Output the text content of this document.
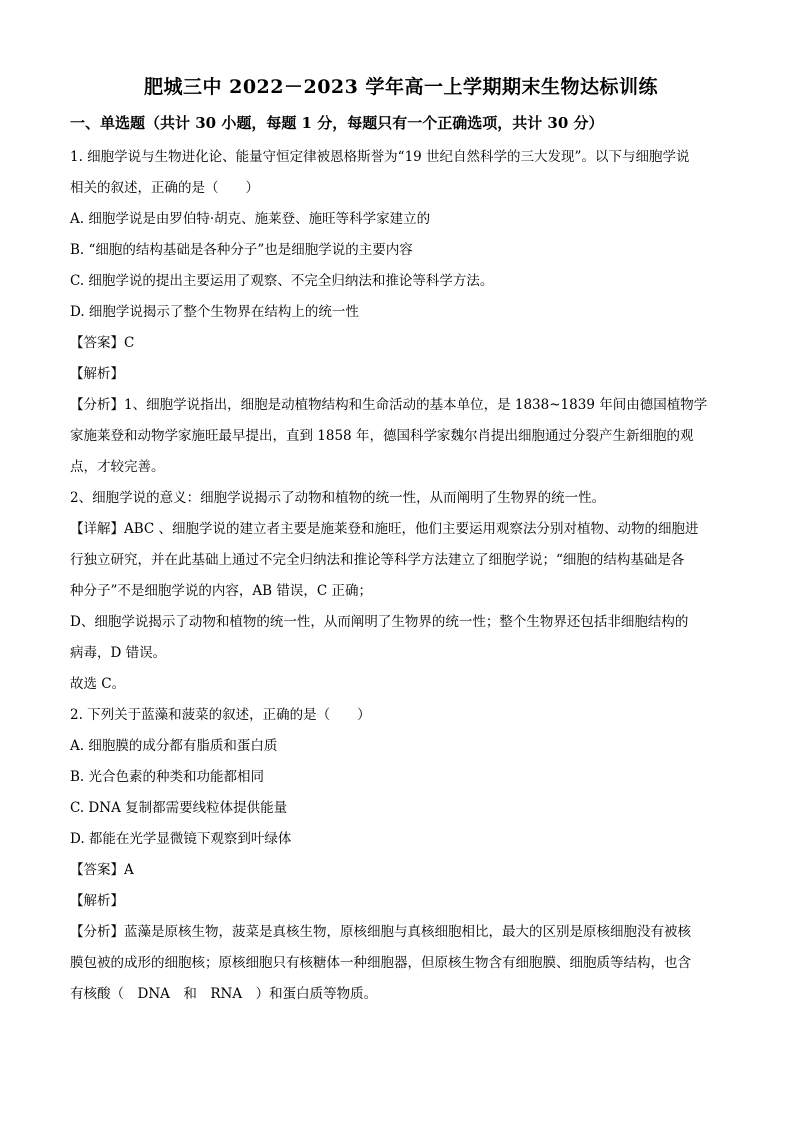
肥城三中 2022－2023 学年高一上学期期末生物达标训练
一、单选题（共计 30 小题，每题 1 分，每题只有一个正确选项，共计 30 分）

1. 细胞学说与生物进化论、能量守恒定律被恩格斯誉为“19 世纪自然科学的三大发现”。以下与细胞学说

相关的叙述，正确的是（　　）

A. 细胞学说是由罗伯特·胡克、施莱登、施旺等科学家建立的

B. “细胞的结构基础是各种分子”也是细胞学说的主要内容

C. 细胞学说的提出主要运用了观察、不完全归纳法和推论等科学方法。

D. 细胞学说揭示了整个生物界在结构上的统一性

【答案】C

【解析】

【分析】1、细胞学说指出，细胞是动植物结构和生命活动的基本单位，是 1838~1839 年间由德国植物学

家施莱登和动物学家施旺最早提出，直到 1858 年，德国科学家魏尔肖提出细胞通过分裂产生新细胞的观

点，才较完善。

2、细胞学说的意义：细胞学说揭示了动物和植物的统一性，从而阐明了生物界的统一性。

【详解】ABC 、细胞学说的建立者主要是施莱登和施旺，他们主要运用观察法分别对植物、动物的细胞进

行独立研究，并在此基础上通过不完全归纳法和推论等科学方法建立了细胞学说；“细胞的结构基础是各

种分子”不是细胞学说的内容，AB 错误，C 正确；

D、细胞学说揭示了动物和植物的统一性，从而阐明了生物界的统一性；整个生物界还包括非细胞结构的

病毒，D 错误。

故选 C。

2. 下列关于蓝藻和菠菜的叙述，正确的是（　　）

A. 细胞膜的成分都有脂质和蛋白质

B. 光合色素的种类和功能都相同

C. DNA 复制都需要线粒体提供能量

D. 都能在光学显微镜下观察到叶绿体

【答案】A

【解析】

【分析】蓝藻是原核生物，菠菜是真核生物，原核细胞与真核细胞相比，最大的区别是原核细胞没有被核

膜包被的成形的细胞核；原核细胞只有核糖体一种细胞器，但原核生物含有细胞膜、细胞质等结构，也含

有核酸（　DNA　和　RNA　）和蛋白质等物质。
